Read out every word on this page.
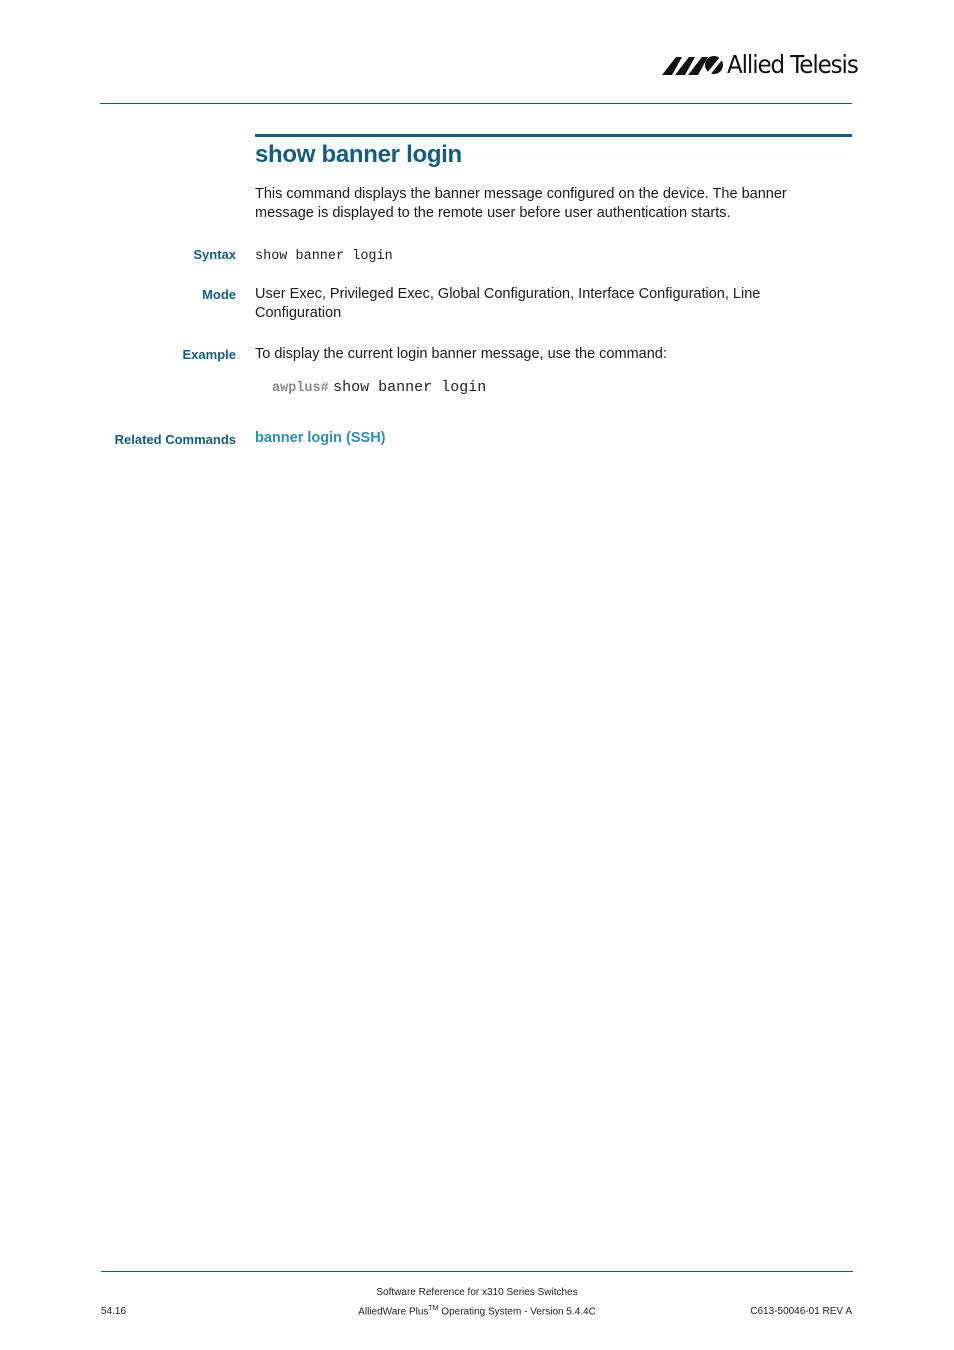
Allied Telesis
show banner login

This command displays the banner message configured on the device. The banner message is displayed to the remote user before user authentication starts.

Syntax show banner login
Mode User Exec, Privileged Exec, Global Configuration, Interface Configuration, Line Configuration
Example To display the current login banner message, use the command:
awplus# show banner login
Related Commands banner login (SSH)
Software Reference for x310 Series Switches
AlliedWare Plus™ Operating System - Version 5.4.4C
54.16	C613-50046-01 REV A
